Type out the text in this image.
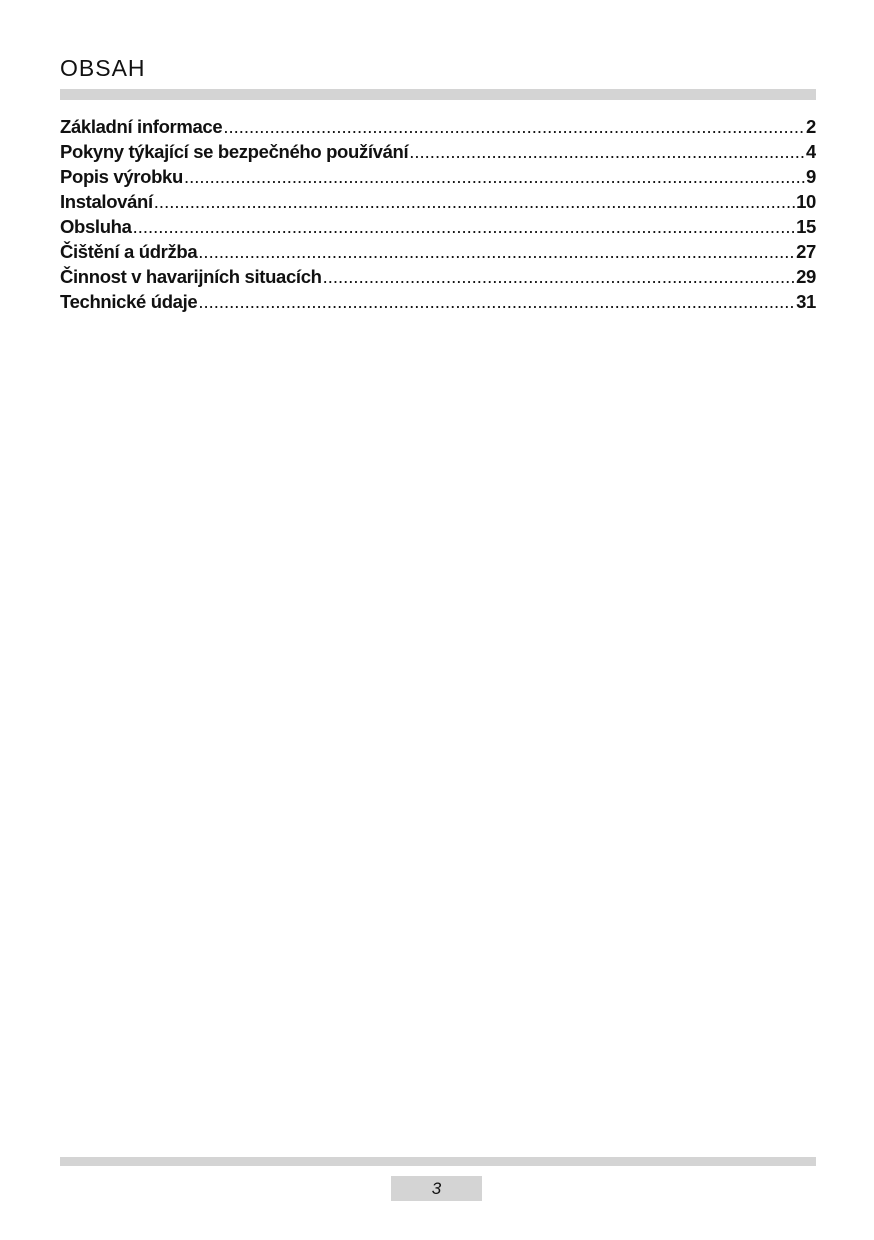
OBSAH
Základní informace .....	2
Pokyny týkající se bezpečného používání .....	4
Popis výrobku .....	9
Instalování .....	10
Obsluha .....	15
Čištění a údržba .....	27
Činnost v havarijních situacích .....	29
Technické údaje .....	31
3
